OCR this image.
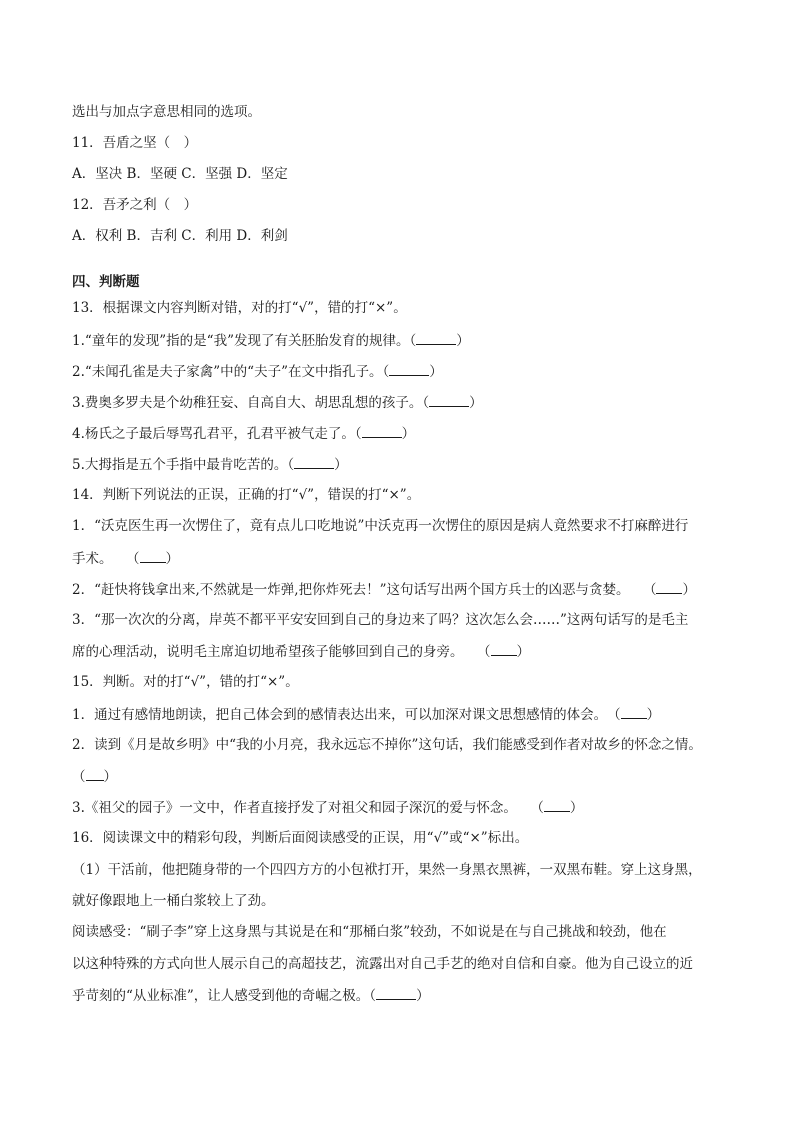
选出与加点字意思相同的选项。
11．吾盾之坚（　）
A．坚决 B．坚硬 C．坚强 D．坚定
12．吾矛之利（　）
A．权利 B．吉利 C．利用 D．利剑
四、判断题
13．根据课文内容判断对错，对的打“√”，错的打“×”。
1.“童年的发现”指的是“我”发现了有关胚胎发育的规律。（	）
2.“未闻孔雀是夫子家禽”中的“夫子”在文中指孔子。（	）
3.费奥多罗夫是个幼稚狂妄、自高自大、胡思乱想的孩子。（	）
4.杨氏之子最后辱骂孔君平，孔君平被气走了。（	）
5.大拇指是五个手指中最肯吃苦的。（	）
14．判断下列说法的正误，正确的打“√”，错误的打“×”。
1．“沃克医生再一次愣住了，竟有点儿口吃地说”中沃克再一次愣住的原因是病人竟然要求不打麻醉进行
手术。　　（ ）
2．“赶快将钱拿出来,不然就是一炸弹,把你炸死去！”这句话写出两个国方兵士的凶恶与贪婪。　　（ ）
3．“那一次次的分离，岸英不都平平安安回到自己的身边来了吗？这次怎么会……”这两句话写的是毛主
席的心理活动，说明毛主席迫切地希望孩子能够回到自己的身旁。　　（ ）
15．判断。对的打“√”，错的打“×”。
1．通过有感情地朗读，把自己体会到的感情表达出来，可以加深对课文思想感情的体会。　（ ）
2．读到《月是故乡明》中“我的小月亮，我永远忘不掉你”这句话，我们能感受到作者对故乡的怀念之情。
（ ）
3.《祖父的园子》一文中，作者直接抒发了对祖父和园子深沉的爱与怀念。　　（ ）
16．阅读课文中的精彩句段，判断后面阅读感受的正误，用“√”或“×”标出。
（1）干活前，他把随身带的一个四四方方的小包袱打开，果然一身黑衣黑裤，一双黑布鞋。穿上这身黑，
就好像跟地上一桶白浆较上了劲。
阅读感受：“刷子李”穿上这身黑与其说是在和“那桶白浆”较劲，不如说是在与自己挑战和较劲，他在
以这种特殊的方式向世人展示自己的高超技艺，流露出对自己手艺的绝对自信和自豪。他为自己设立的近
乎苛刻的“从业标准”，让人感受到他的奇崛之极。（	）
